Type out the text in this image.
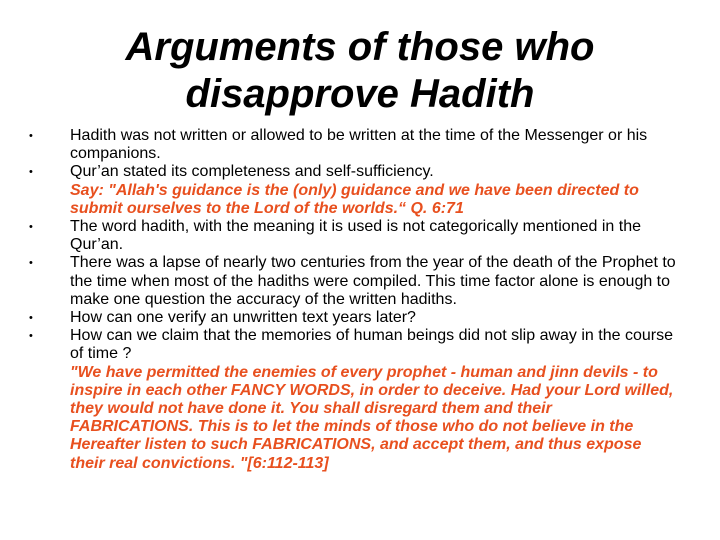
Arguments of those who
disapprove Hadith
•	Hadith was not written or allowed to be written at the time of the Messenger or his companions.

•	Qur’an stated its completeness and self-sufficiency.

Say: "Allah's guidance is the (only) guidance and we have been directed to submit ourselves to the Lord of the worlds.“ Q. 6:71

•	The word hadith, with the meaning it is used is not categorically mentioned in the Qur’an.

•	There was a lapse of nearly two centuries from the year of the death of the Prophet to the time when most of the hadiths were compiled. This time factor alone is enough to make one question the accuracy of the written hadiths.

•	How can one verify an unwritten text years later?

•	How can we claim that the memories of human beings did not slip away in the course of time ?

"We have permitted the enemies of every prophet - human and jinn devils - to inspire in each other FANCY WORDS, in order to deceive. Had your Lord willed, they would not have done it. You shall disregard them and their FABRICATIONS. This is to let the minds of those who do not believe in the Hereafter listen to such FABRICATIONS, and accept them, and thus expose their real convictions. "[6:112-113]
